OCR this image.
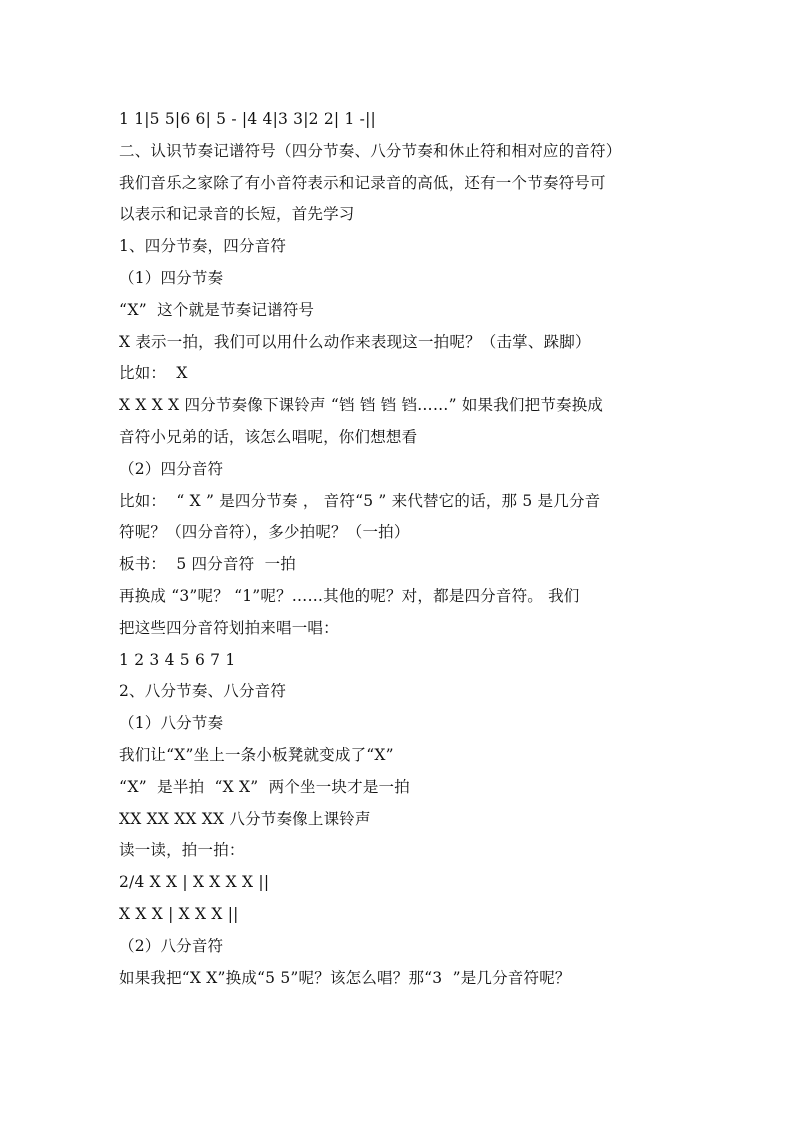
1 1|5 5|6 6| 5 - |4 4|3 3|2 2| 1 -||
二、认识节奏记谱符号（四分节奏、八分节奏和休止符和相对应的音符）
我们音乐之家除了有小音符表示和记录音的高低，还有一个节奏符号可
以表示和记录音的长短，首先学习
1、四分节奏，四分音符
（1）四分节奏
“X”  这个就是节奏记谱符号
X 表示一拍，我们可以用什么动作来表现这一拍呢？（击掌、跺脚）
比如：  X
X X X X 四分节奏像下课铃声 “铛 铛 铛 铛……” 如果我们把节奏换成
音符小兄弟的话，该怎么唱呢，你们想想看
（2）四分音符
比如：  “ X ” 是四分节奏 ， 音符“5 ” 来代替它的话，那 5 是几分音
符呢？（四分音符），多少拍呢？（一拍）
板书：  5 四分音符  一拍
再换成 “3”呢？ “1”呢？……其他的呢？对，都是四分音符。 我们
把这些四分音符划拍来唱一唱：
1 2 3 4 5 6 7 1
2、八分节奏、八分音符
（1）八分节奏
我们让“X”坐上一条小板凳就变成了“X”
“X”  是半拍  “X X”  两个坐一块才是一拍
XX XX XX XX 八分节奏像上课铃声
读一读，拍一拍：
2/4 X X | X X X X ||
X X X | X X X ||
（2）八分音符
如果我把“X X”换成“5 5”呢？该怎么唱？那“3  ”是几分音符呢？
